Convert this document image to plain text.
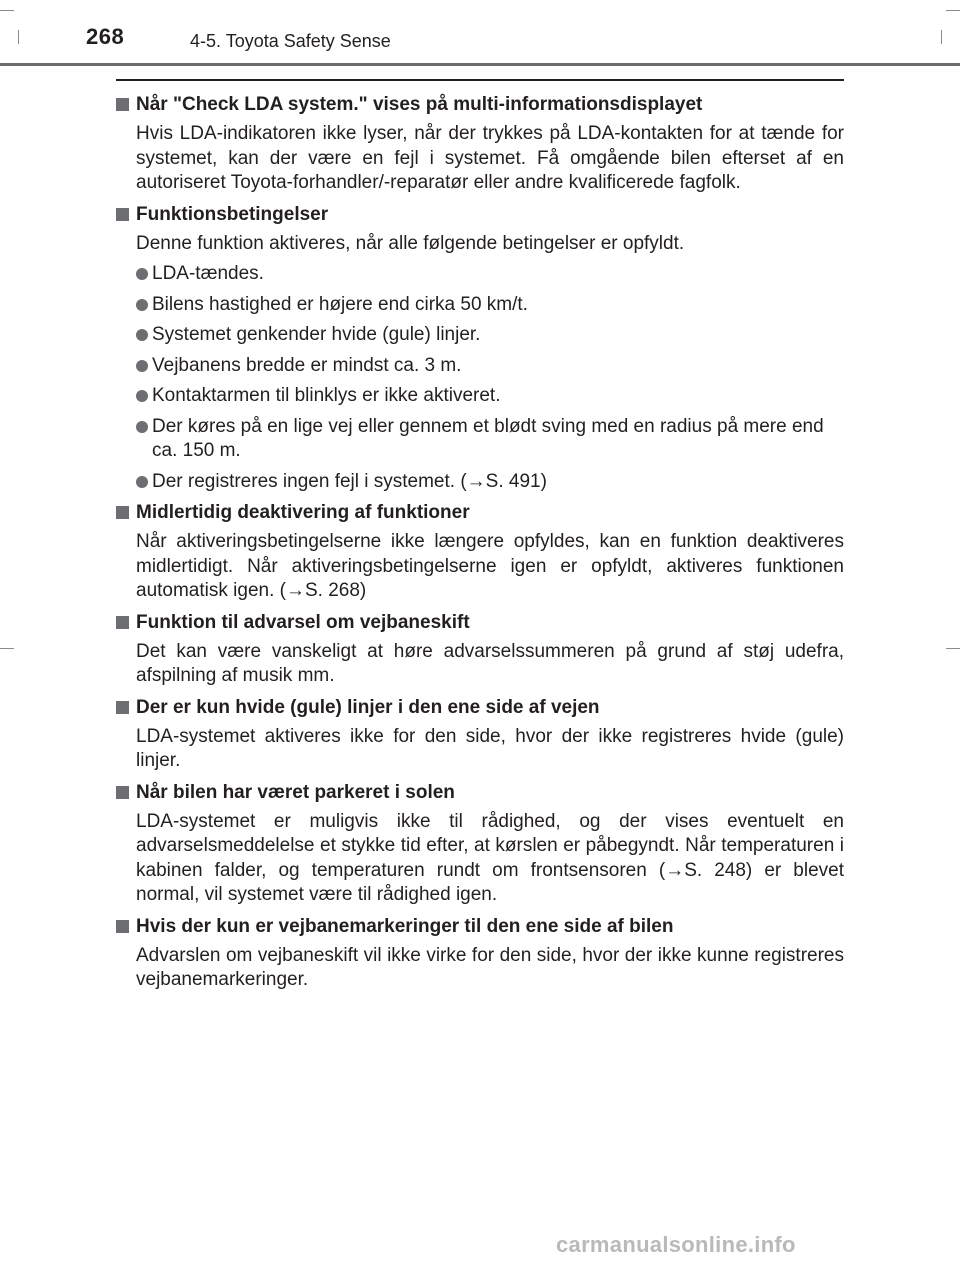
268	4-5. Toyota Safety Sense
Når "Check LDA system." vises på multi-informationsdisplayet

Hvis LDA-indikatoren ikke lyser, når der trykkes på LDA-kontakten for at tænde for systemet, kan der være en fejl i systemet. Få omgående bilen efterset af en autoriseret Toyota-forhandler/-reparatør eller andre kvalificerede fagfolk.

Funktionsbetingelser

Denne funktion aktiveres, når alle følgende betingelser er opfyldt.

LDA-tændes.
Bilens hastighed er højere end cirka 50 km/t.
Systemet genkender hvide (gule) linjer.
Vejbanens bredde er mindst ca. 3 m.
Kontaktarmen til blinklys er ikke aktiveret.
Der køres på en lige vej eller gennem et blødt sving med en radius på mere end ca. 150 m.
Der registreres ingen fejl i systemet. (→S. 491)
Midlertidig deaktivering af funktioner

Når aktiveringsbetingelserne ikke længere opfyldes, kan en funktion deaktiveres midlertidigt. Når aktiveringsbetingelserne igen er opfyldt, aktiveres funktionen automatisk igen. (→S. 268)

Funktion til advarsel om vejbaneskift

Det kan være vanskeligt at høre advarselssummeren på grund af støj udefra, afspilning af musik mm.

Der er kun hvide (gule) linjer i den ene side af vejen

LDA-systemet aktiveres ikke for den side, hvor der ikke registreres hvide (gule) linjer.

Når bilen har været parkeret i solen

LDA-systemet er muligvis ikke til rådighed, og der vises eventuelt en advarselsmeddelelse et stykke tid efter, at kørslen er påbegyndt. Når temperaturen i kabinen falder, og temperaturen rundt om frontsensoren (→S. 248) er blevet normal, vil systemet være til rådighed igen.

Hvis der kun er vejbanemarkeringer til den ene side af bilen

Advarslen om vejbaneskift vil ikke virke for den side, hvor der ikke kunne registreres vejbanemarkeringer.

carmanualsonline.info
